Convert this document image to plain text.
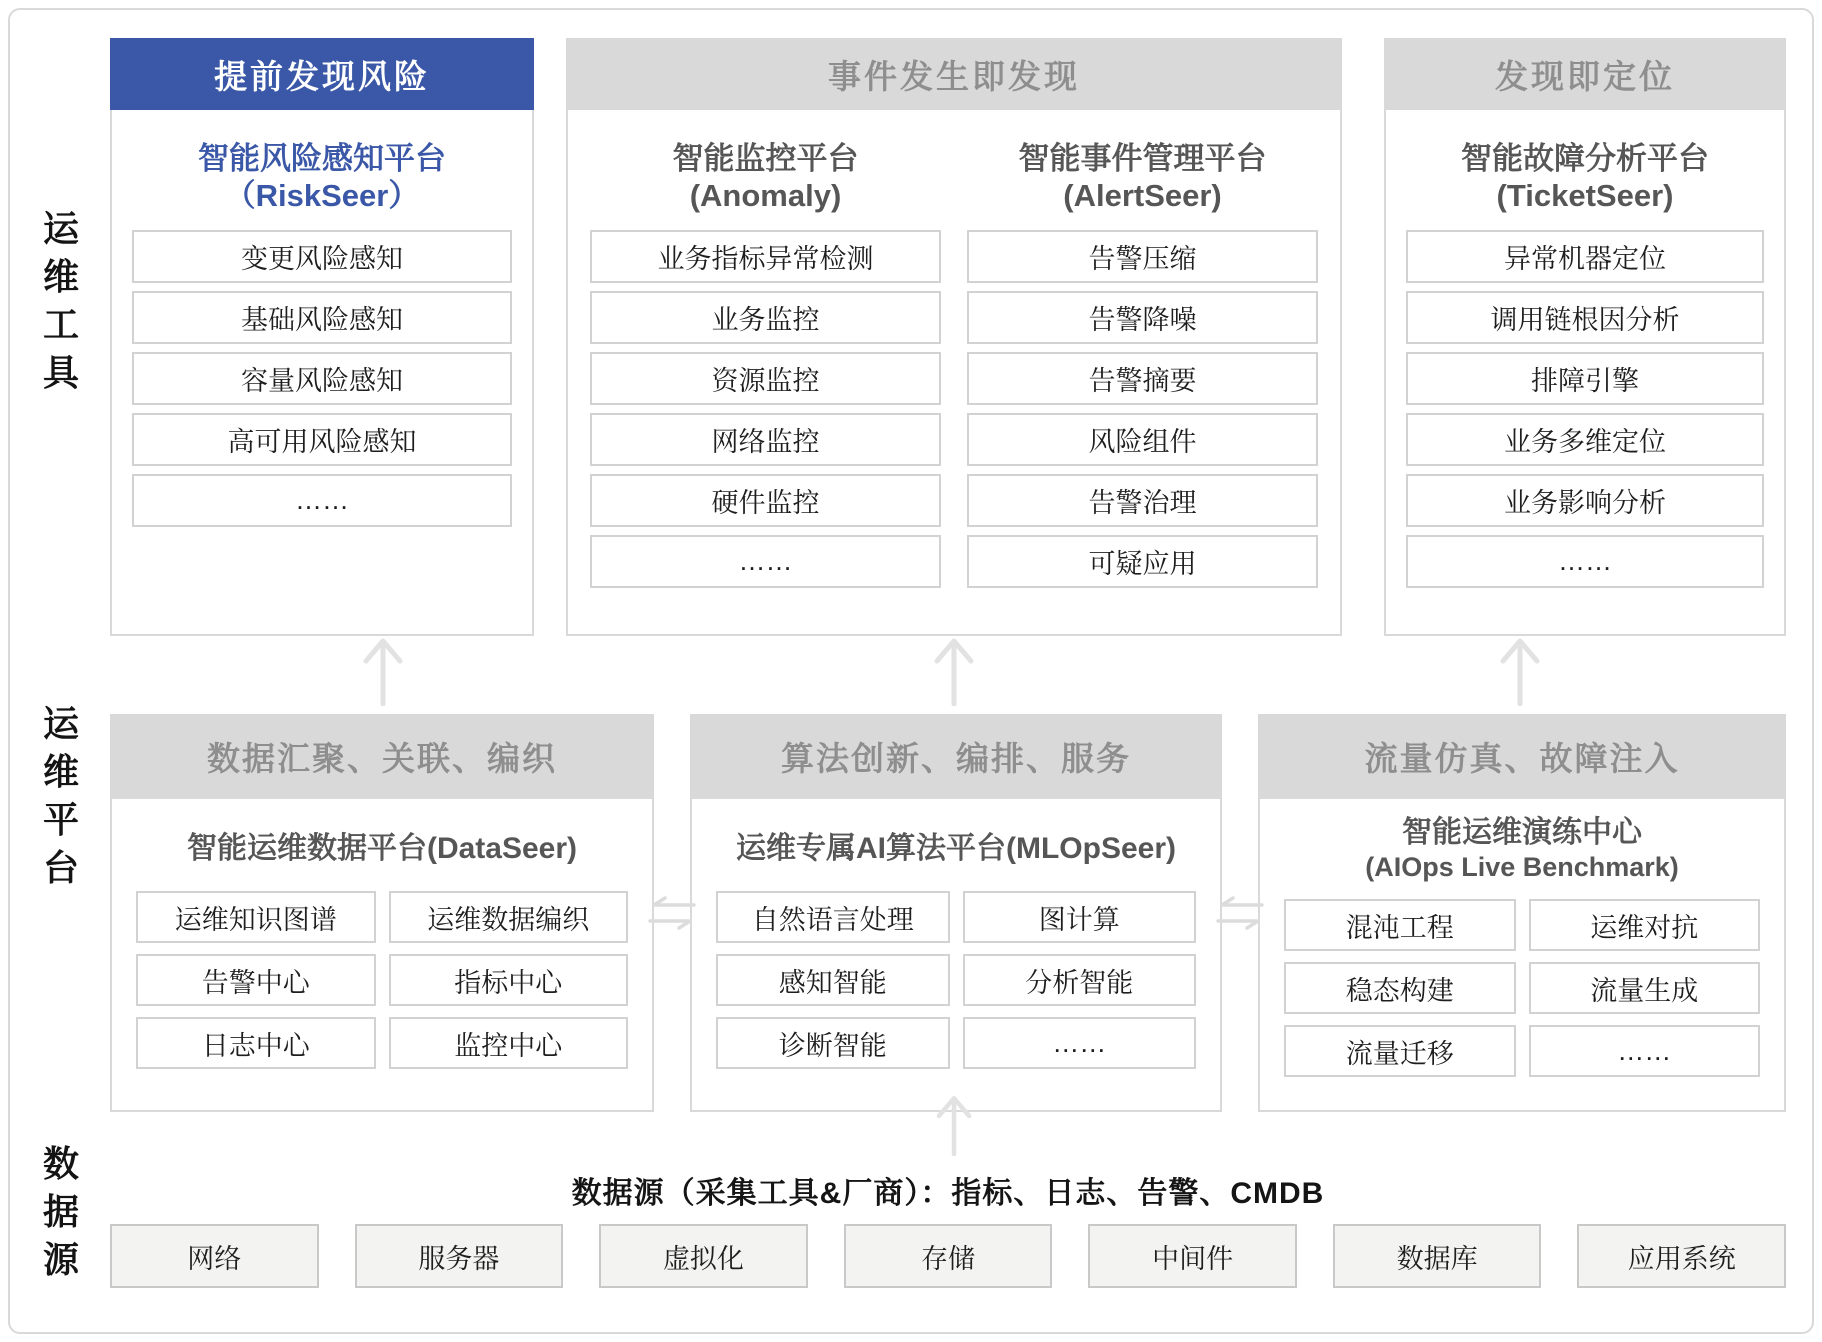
运维工具
运维平台
数据源
提前发现风险
智能风险感知平台
（RiskSeer）
变更风险感知
基础风险感知
容量风险感知
高可用风险感知
……
事件发生即发现
智能监控平台
(Anomaly)
业务指标异常检测
业务监控
资源监控
网络监控
硬件监控
……
智能事件管理平台
(AlertSeer)
告警压缩
告警降噪
告警摘要
风险组件
告警治理
可疑应用
发现即定位
智能故障分析平台
(TicketSeer)
异常机器定位
调用链根因分析
排障引擎
业务多维定位
业务影响分析
……
数据汇聚、关联、编织
智能运维数据平台(DataSeer)
运维知识图谱	运维数据编织
告警中心	指标中心
日志中心	监控中心
算法创新、编排、服务
运维专属AI算法平台(MLOpSeer)
自然语言处理	图计算
感知智能	分析智能
诊断智能	……
流量仿真、故障注入
智能运维演练中心
(AIOps Live Benchmark)
混沌工程	运维对抗
稳态构建	流量生成
流量迁移	……
数据源（采集工具&厂商）：指标、日志、告警、CMDB
网络	服务器	虚拟化	存储	中间件	数据库	应用系统
